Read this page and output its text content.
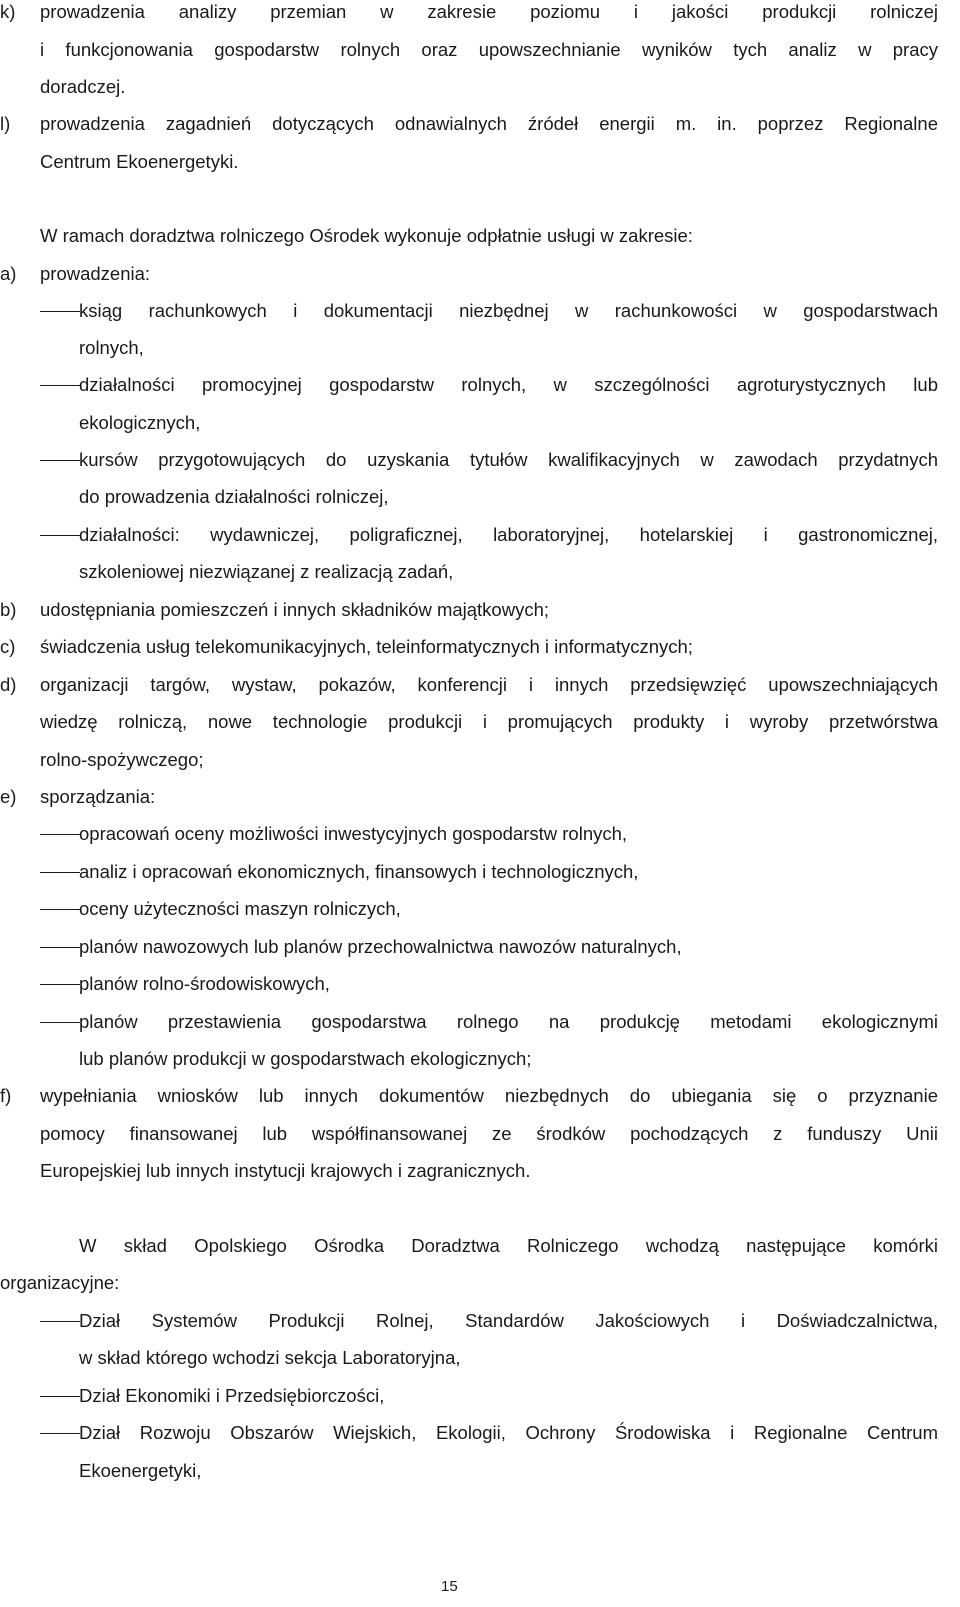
k) prowadzenia analizy przemian w zakresie poziomu i jakości produkcji rolniczej
i funkcjonowania gospodarstw rolnych oraz upowszechnianie wyników tych analiz w pracy
doradczej.
l) prowadzenia zagadnień dotyczących odnawialnych źródeł energii m. in. poprzez Regionalne
Centrum Ekoenergetyki.
W ramach doradztwa rolniczego Ośrodek wykonuje odpłatnie usługi w zakresie:
a) prowadzenia:
ksiąg rachunkowych i dokumentacji niezbędnej w rachunkowości w gospodarstwach
rolnych,
działalności promocyjnej gospodarstw rolnych, w szczególności agroturystycznych lub
ekologicznych,
kursów przygotowujących do uzyskania tytułów kwalifikacyjnych w zawodach przydatnych
do prowadzenia działalności rolniczej,
działalności: wydawniczej, poligraficznej, laboratoryjnej, hotelarskiej i gastronomicznej,
szkoleniowej niezwiązanej z realizacją zadań,
b) udostępniania pomieszczeń i innych składników majątkowych;
c) świadczenia usług telekomunikacyjnych, teleinformatycznych i informatycznych;
d) organizacji targów, wystaw, pokazów, konferencji i innych przedsięwzięć upowszechniających
wiedzę rolniczą, nowe technologie produkcji i promujących produkty i wyroby przetwórstwa
rolno-spożywczego;
e) sporządzania:
opracowań oceny możliwości inwestycyjnych gospodarstw rolnych,
analiz i opracowań ekonomicznych, finansowych i technologicznych,
oceny użyteczności maszyn rolniczych,
planów nawozowych lub planów przechowalnictwa nawozów naturalnych,
planów rolno-środowiskowych,
planów przestawienia gospodarstwa rolnego na produkcję metodami ekologicznymi
lub planów produkcji w gospodarstwach ekologicznych;
f) wypełniania wniosków lub innych dokumentów niezbędnych do ubiegania się o przyznanie
pomocy finansowanej lub współfinansowanej ze środków pochodzących z funduszy Unii
Europejskiej lub innych instytucji krajowych i zagranicznych.
W skład Opolskiego Ośrodka Doradztwa Rolniczego wchodzą następujące komórki
organizacyjne:
Dział Systemów Produkcji Rolnej, Standardów Jakościowych i Doświadczalnictwa,
w skład którego wchodzi sekcja Laboratoryjna,
Dział Ekonomiki i Przedsiębiorczości,
Dział Rozwoju Obszarów Wiejskich, Ekologii, Ochrony Środowiska i Regionalne Centrum
Ekoenergetyki,
15
